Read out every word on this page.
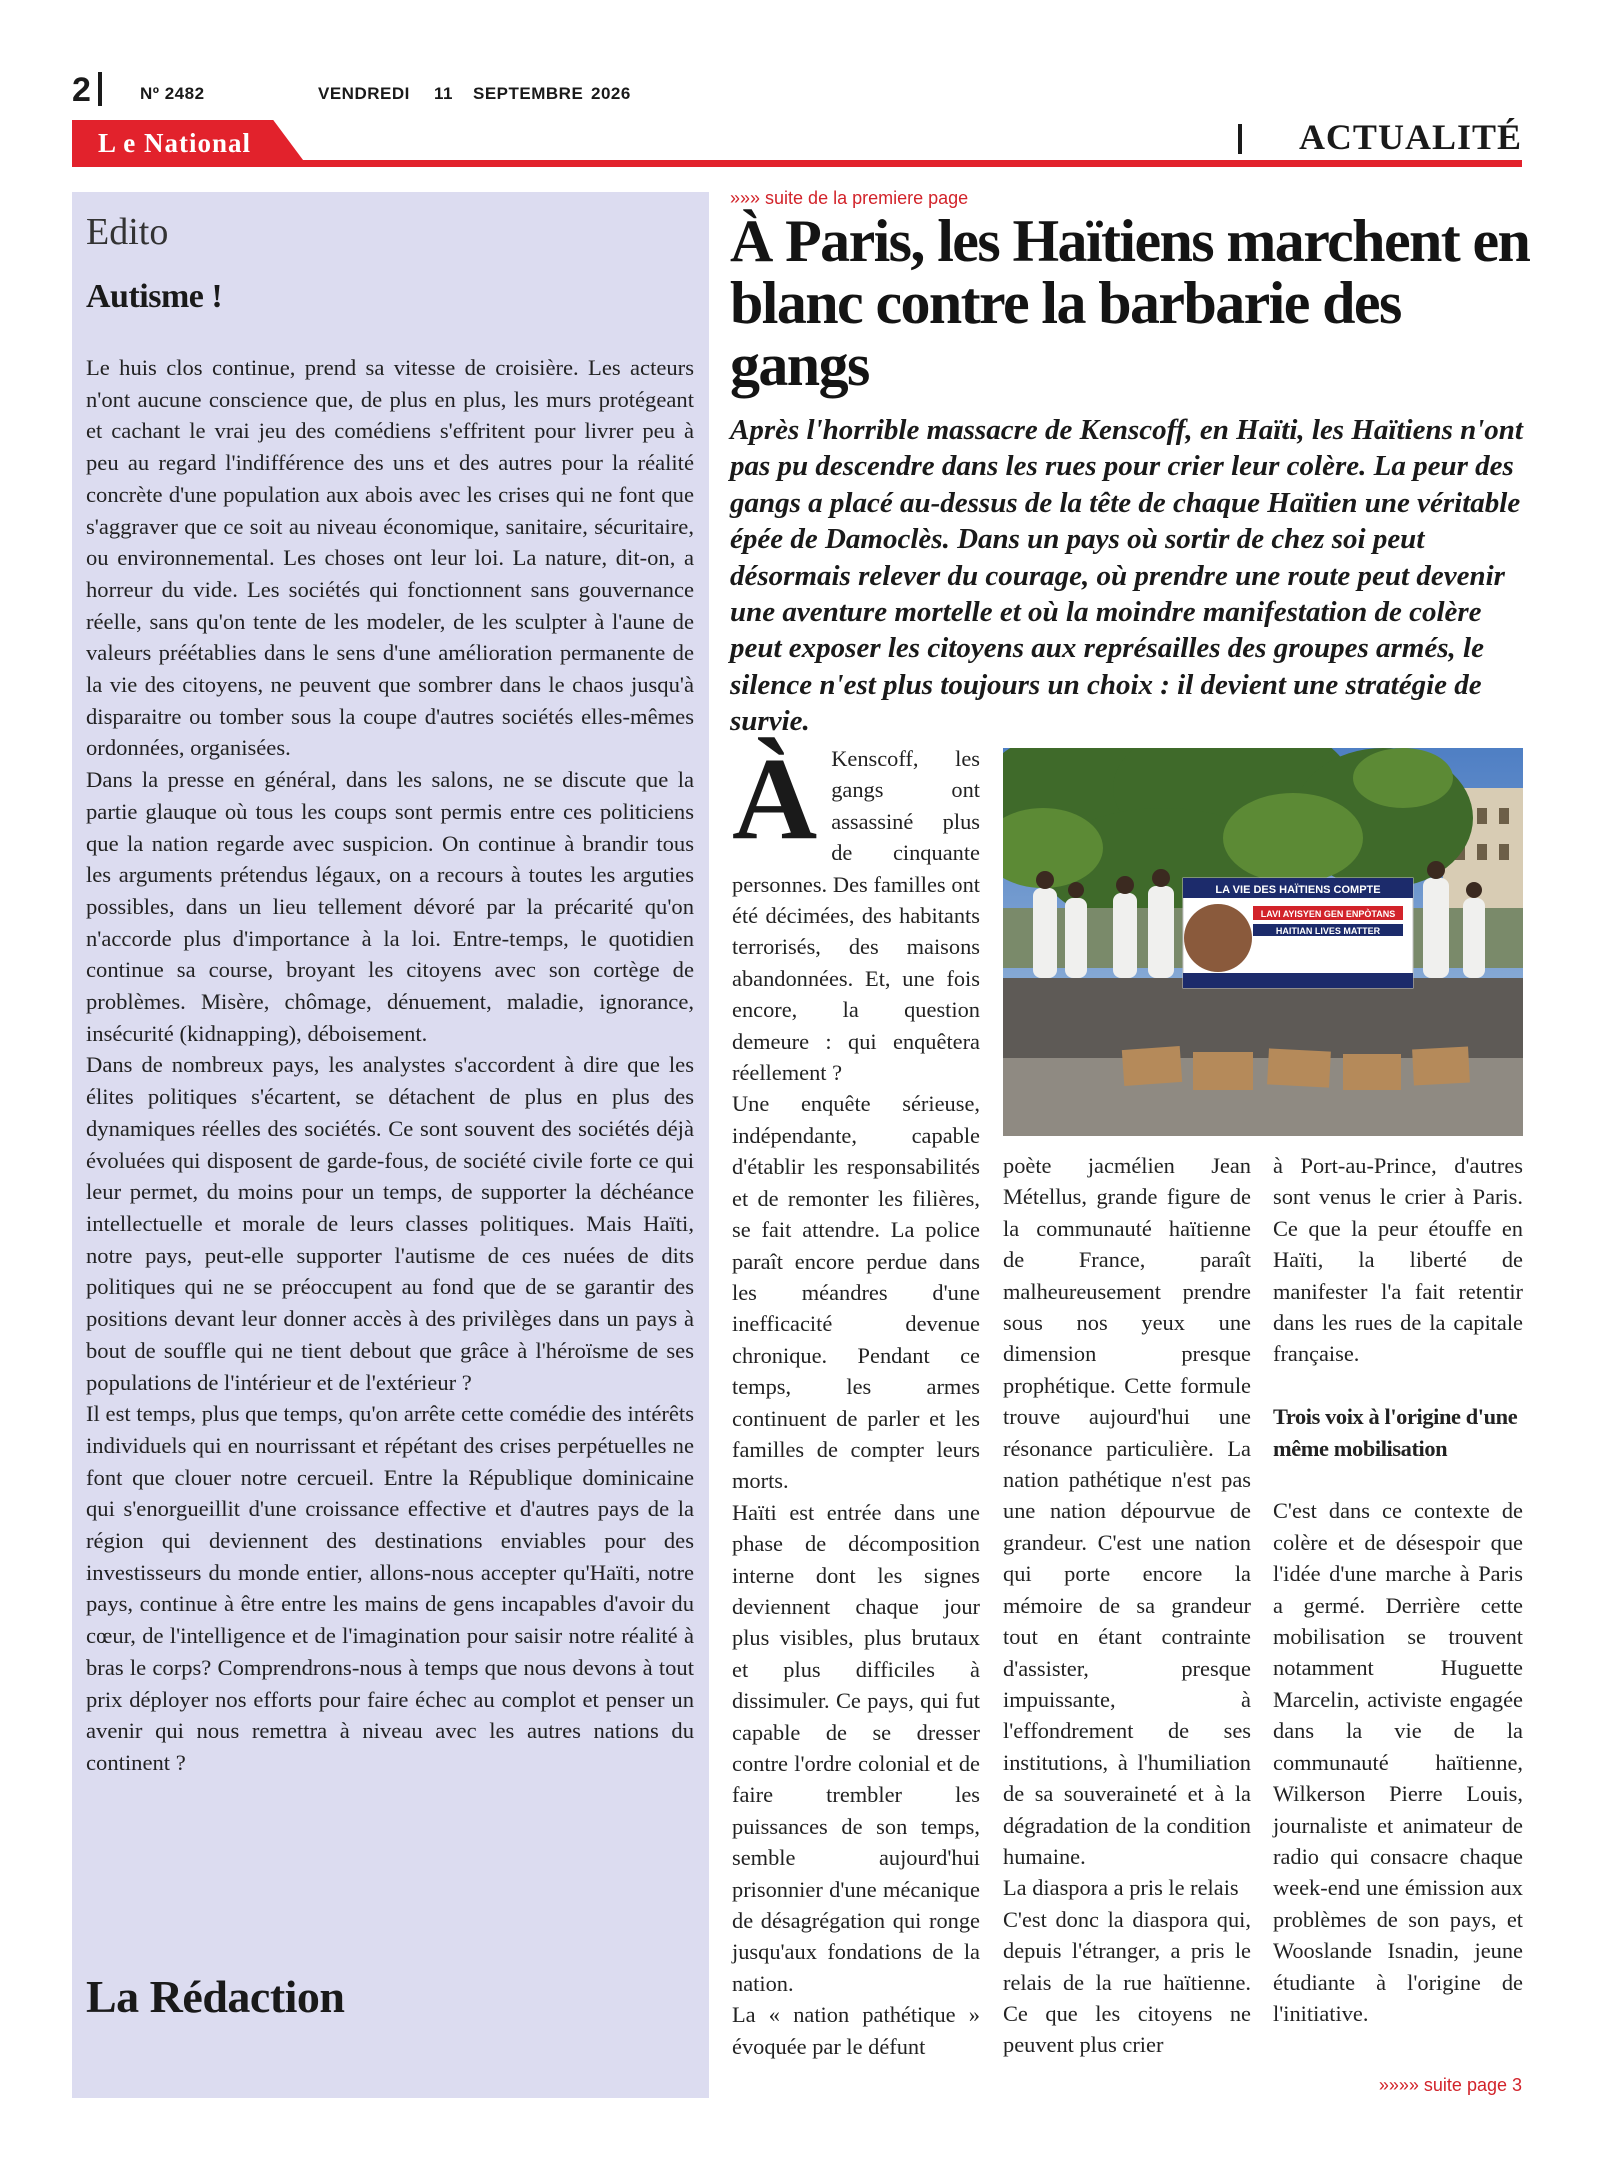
2	Nº 2482	VENDREDI 11 SEPTEMBRE 2026
L e National	ACTUALITÉ
Edito
Autisme !

Le huis clos continue, prend sa vitesse de croisière. Les acteurs n'ont aucune conscience que, de plus en plus, les murs protégeant et cachant le vrai jeu des comédiens s'effritent pour livrer peu à peu au regard l'indifférence des uns et des autres pour la réalité concrète d'une population aux abois avec les crises qui ne font que s'aggraver que ce soit au niveau économique, sanitaire, sécuritaire, ou environnemental. Les choses ont leur loi. La nature, dit-on, a horreur du vide. Les sociétés qui fonctionnent sans gouvernance réelle, sans qu'on tente de les modeler, de les sculpter à l'aune de valeurs préétablies dans le sens d'une amélioration permanente de la vie des citoyens, ne peuvent que sombrer dans le chaos jusqu'à disparaitre ou tomber sous la coupe d'autres sociétés elles-mêmes ordonnées, organisées.

Dans la presse en général, dans les salons, ne se discute que la partie glauque où tous les coups sont permis entre ces politiciens que la nation regarde avec suspicion. On continue à brandir tous les arguments prétendus légaux, on a recours à toutes les arguties possibles, dans un lieu tellement dévoré par la précarité qu'on n'accorde plus d'importance à la loi. Entre-temps, le quotidien continue sa course, broyant les citoyens avec son cortège de problèmes. Misère, chômage, dénuement, maladie, ignorance, insécurité (kidnapping), déboisement.

Dans de nombreux pays, les analystes s'accordent à dire que les élites politiques s'écartent, se détachent de plus en plus des dynamiques réelles des sociétés. Ce sont souvent des sociétés déjà évoluées qui disposent de garde-fous, de société civile forte ce qui leur permet, du moins pour un temps, de supporter la déchéance intellectuelle et morale de leurs classes politiques. Mais Haïti, notre pays, peut-elle supporter l'autisme de ces nuées de dits politiques qui ne se préoccupent au fond que de se garantir des positions devant leur donner accès à des privilèges dans un pays à bout de souffle qui ne tient debout que grâce à l'héroïsme de ses populations de l'intérieur et de l'extérieur ?

Il est temps, plus que temps, qu'on arrête cette comédie des intérêts individuels qui en nourrissant et répétant des crises perpétuelles ne font que clouer notre cercueil. Entre la République dominicaine qui s'enorgueillit d'une croissance effective et d'autres pays de la région qui deviennent des destinations enviables pour des investisseurs du monde entier, allons-nous accepter qu'Haïti, notre pays, continue à être entre les mains de gens incapables d'avoir du cœur, de l'intelligence et de l'imagination pour saisir notre réalité à bras le corps? Comprendrons-nous à temps que nous devons à tout prix déployer nos efforts pour faire échec au complot et penser un avenir qui nous remettra à niveau avec les autres nations du continent ?

La Rédaction
»»» suite de la premiere page
À Paris, les Haïtiens marchent en blanc contre la barbarie des gangs
Après l'horrible massacre de Kenscoff, en Haïti, les Haïtiens n'ont pas pu descendre dans les rues pour crier leur colère. La peur des gangs a placé au-dessus de la tête de chaque Haïtien une véritable épée de Damoclès. Dans un pays où sortir de chez soi peut désormais relever du courage, où prendre une route peut devenir une aventure mortelle et où la moindre manifestation de colère peut exposer les citoyens aux représailles des groupes armés, le silence n'est plus toujours un choix : il devient une stratégie de survie.
À Kenscoff, les gangs ont assassiné plus de cinquante personnes. Des familles ont été décimées, des habitants terrorisés, des maisons abandonnées. Et, une fois encore, la question demeure : qui enquêtera réellement ?

Une enquête sérieuse, indépendante, capable d'établir les responsabilités et de remonter les filières, se fait attendre. La police paraît encore perdue dans les méandres d'une inefficacité devenue chronique. Pendant ce temps, les armes continuent de parler et les familles de compter leurs morts.

Haïti est entrée dans une phase de décomposition interne dont les signes deviennent chaque jour plus visibles, plus brutaux et plus difficiles à dissimuler. Ce pays, qui fut capable de se dresser contre l'ordre colonial et de faire trembler les puissances de son temps, semble aujourd'hui prisonnier d'une mécanique de désagrégation qui ronge jusqu'aux fondations de la nation.

La « nation pathétique » évoquée par le défunt

LA VIE DES HAÏTIENS COMPTE
LAVI AYISYEN GEN ENPÒTANS
HAITIAN LIVES MATTER

poète jacmélien Jean Métellus, grande figure de la communauté haïtienne de France, paraît malheureusement prendre sous nos yeux une dimension presque prophétique. Cette formule trouve aujourd'hui une résonance particulière. La nation pathétique n'est pas une nation dépourvue de grandeur. C'est une nation qui porte encore la mémoire de sa grandeur tout en étant contrainte d'assister, presque impuissante, à l'effondrement de ses institutions, à l'humiliation de sa souveraineté et à la dégradation de la condition humaine.

La diaspora a pris le relais

C'est donc la diaspora qui, depuis l'étranger, a pris le relais de la rue haïtienne. Ce que les citoyens ne peuvent plus crier

à Port-au-Prince, d'autres sont venus le crier à Paris. Ce que la peur étouffe en Haïti, la liberté de manifester l'a fait retentir dans les rues de la capitale française.

Trois voix à l'origine d'une même mobilisation

C'est dans ce contexte de colère et de désespoir que l'idée d'une marche à Paris a germé. Derrière cette mobilisation se trouvent notamment Huguette Marcelin, activiste engagée dans la vie de la communauté haïtienne, Wilkerson Pierre Louis, journaliste et animateur de radio qui consacre chaque week-end une émission aux problèmes de son pays, et Wooslande Isnadin, jeune étudiante à l'origine de l'initiative.

»»»» suite page 3
